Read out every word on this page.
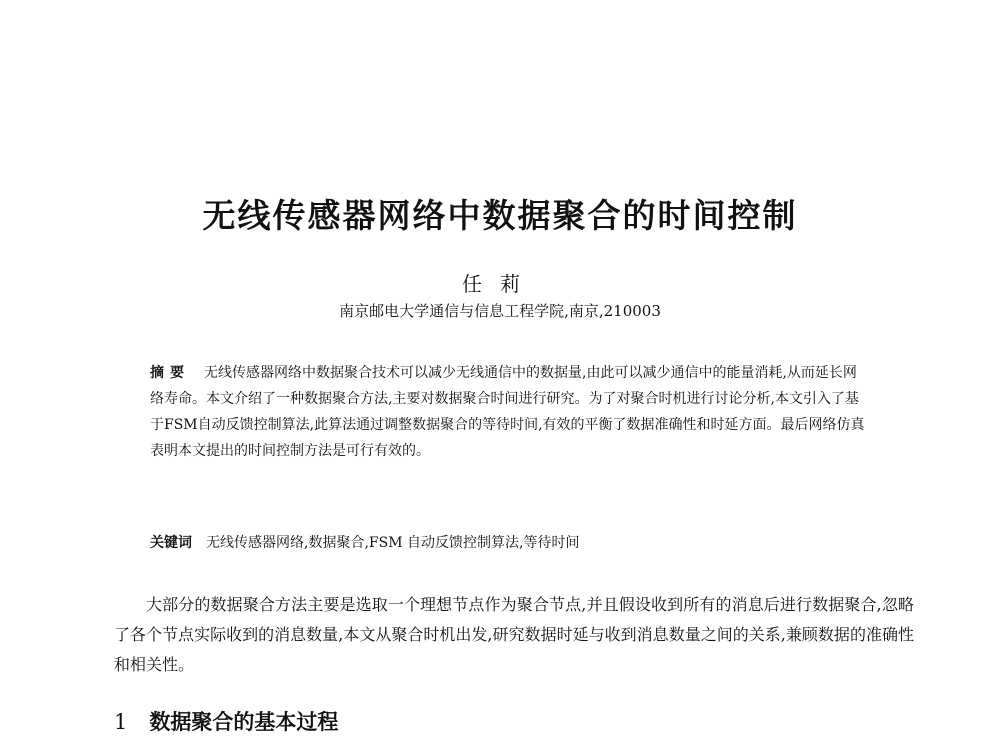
无线传感器网络中数据聚合的时间控制

任莉

南京邮电大学通信与信息工程学院,南京,210003

摘要 无线传感器网络中数据聚合技术可以减少无线通信中的数据量,由此可以减少通信中的能量消耗,从而延长网络寿命。本文介绍了一种数据聚合方法,主要对数据聚合时间进行研究。为了对聚合时机进行讨论分析,本文引入了基于FSM自动反馈控制算法,此算法通过调整数据聚合的等待时间,有效的平衡了数据准确性和时延方面。最后网络仿真表明本文提出的时间控制方法是可行有效的。

关键词 无线传感器网络,数据聚合,FSM 自动反馈控制算法,等待时间

大部分的数据聚合方法主要是选取一个理想节点作为聚合节点,并且假设收到所有的消息后进行数据聚合,忽略了各个节点实际收到的消息数量,本文从聚合时机出发,研究数据时延与收到消息数量之间的关系,兼顾数据的准确性和相关性。

1 数据聚合的基本过程
